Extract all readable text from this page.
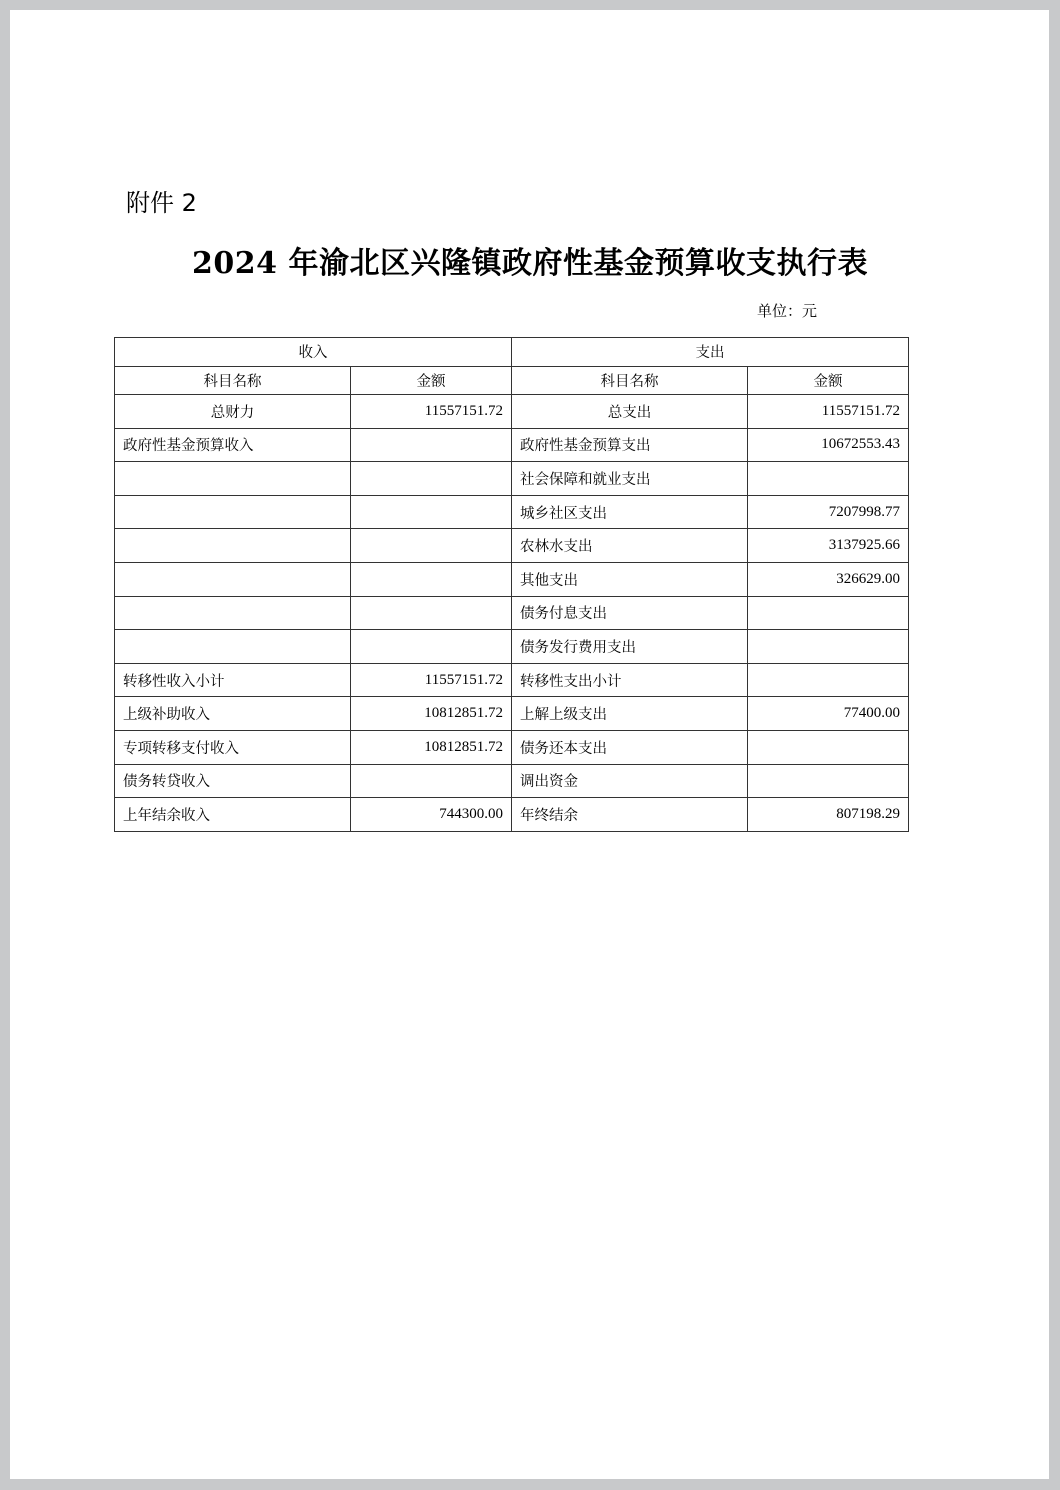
附件 2
2024 年渝北区兴隆镇政府性基金预算收支执行表
单位：元
收入		支出	
科目名称	金额	科目名称	金额
总财力	11557151.72	总支出	11557151.72
政府性基金预算收入		政府性基金预算支出	10672553.43
		社会保障和就业支出	
		城乡社区支出	7207998.77
		农林水支出	3137925.66
		其他支出	326629.00
		债务付息支出	
		债务发行费用支出	
转移性收入小计	11557151.72	转移性支出小计	
上级补助收入	10812851.72	上解上级支出	77400.00
专项转移支付收入	10812851.72	债务还本支出	
债务转贷收入		调出资金	
上年结余收入	744300.00	年终结余	807198.29
